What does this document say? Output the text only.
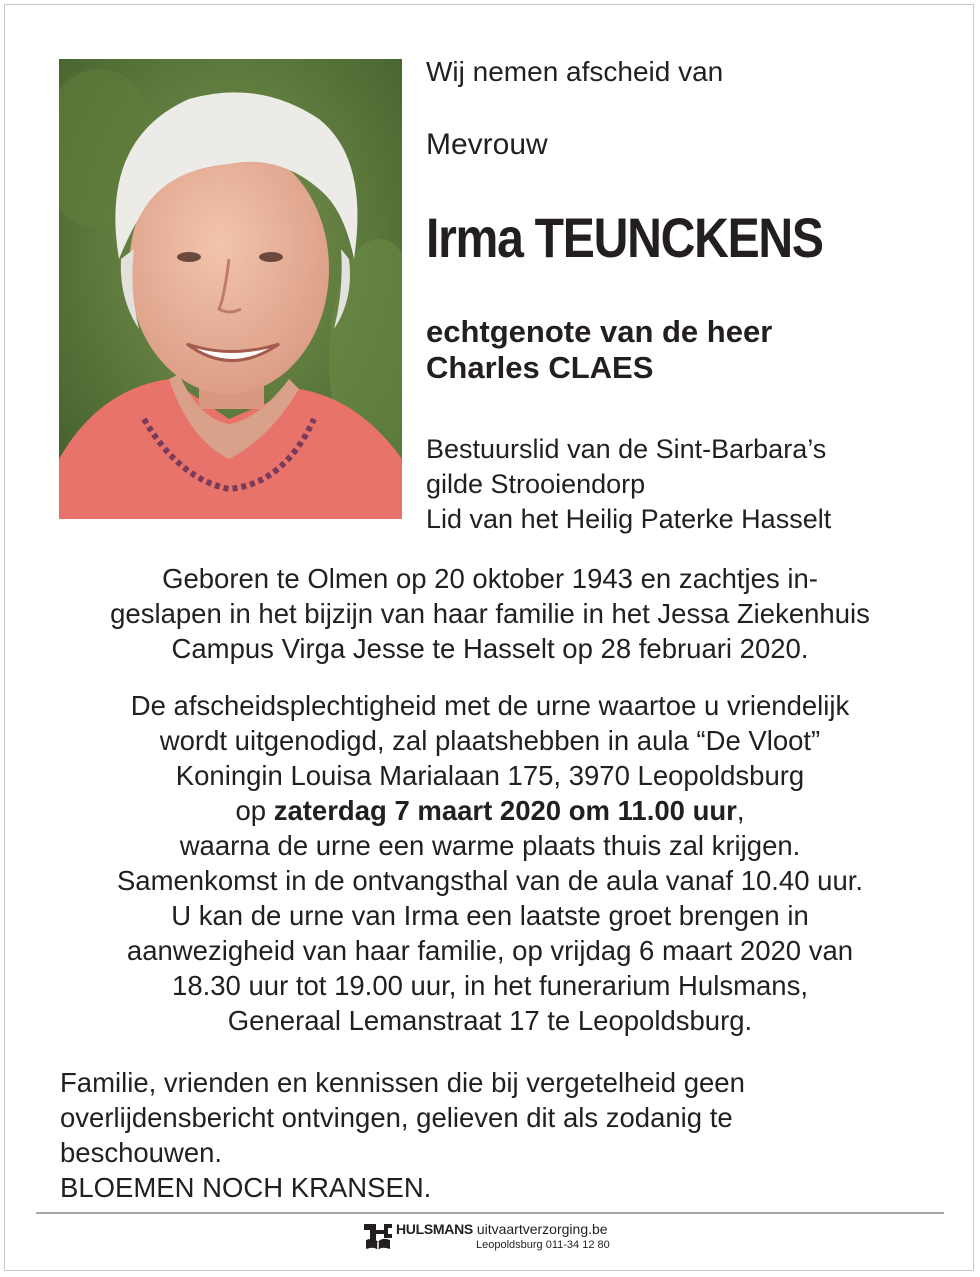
Wij nemen afscheid van
Mevrouw
Irma TEUNCKENS
echtgenote van de heer
Charles CLAES
Bestuurslid van de Sint-Barbara’s
gilde Strooiendorp
Lid van het Heilig Paterke Hasselt
Geboren te Olmen op 20 oktober 1943 en zachtjes in-
geslapen in het bijzijn van haar familie in het Jessa Ziekenhuis
Campus Virga Jesse te Hasselt op 28 februari 2020.
De afscheidsplechtigheid met de urne waartoe u vriendelijk
wordt uitgenodigd, zal plaatshebben in aula “De Vloot”
Koningin Louisa Marialaan 175, 3970 Leopoldsburg
op zaterdag 7 maart 2020 om 11.00 uur,
waarna de urne een warme plaats thuis zal krijgen.
Samenkomst in de ontvangsthal van de aula vanaf 10.40 uur.
U kan de urne van Irma een laatste groet brengen in
aanwezigheid van haar familie, op vrijdag 6 maart 2020 van
18.30 uur tot 19.00 uur, in het funerarium Hulsmans,
Generaal Lemanstraat 17 te Leopoldsburg.
Familie, vrienden en kennissen die bij vergetelheid geen
overlijdensbericht ontvingen, gelieven dit als zodanig te
beschouwen.
BLOEMEN NOCH KRANSEN.
HULSMANS uitvaartverzorging.be
Leopoldsburg 011-34 12 80
